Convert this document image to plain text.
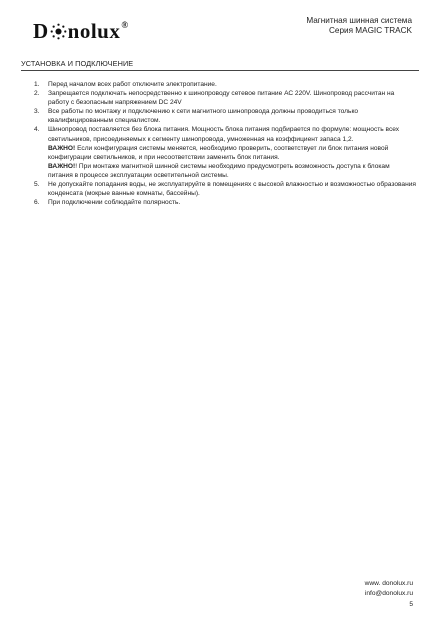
D nolux ®	Магнитная шинная система
Серия MAGIC TRACK
УСТАНОВКА И ПОДКЛЮЧЕНИЕ
1. Перед началом всех работ отключите электропитание.
2. Запрещается подключать непосредственно к шинопроводу сетевое питание АС 220V. Шинопровод рассчитан на работу с безопасным напряжением DC 24V
3. Все работы по монтажу и подключению к сети магнитного шинопровода должны проводиться только квалифицированным специалистом.
4. Шинопровод поставляется без блока питания. Мощность блока питания подбирается по формуле: мощность всех светильников, присоединяемых к сегменту шинопровода, умноженная на коэффициент запаса 1,2.
ВАЖНО! Если конфигурация системы меняется, необходимо проверить, соответствует ли блок питания новой конфигурации светильников, и при несоответствии заменить блок питания.
ВАЖНО!! При монтаже магнитной шинной системы необходимо предусмотреть возможность доступа к блокам питания в процессе эксплуатации осветительной системы.
5. Не допускайте попадания воды, не эксплуатируйте в помещениях с высокой влажностью и возможностью образования конденсата (мокрые ванные комнаты, бассейны).
6. При подключении соблюдайте полярность.
www. donolux.ru
info@donolux.ru
5
